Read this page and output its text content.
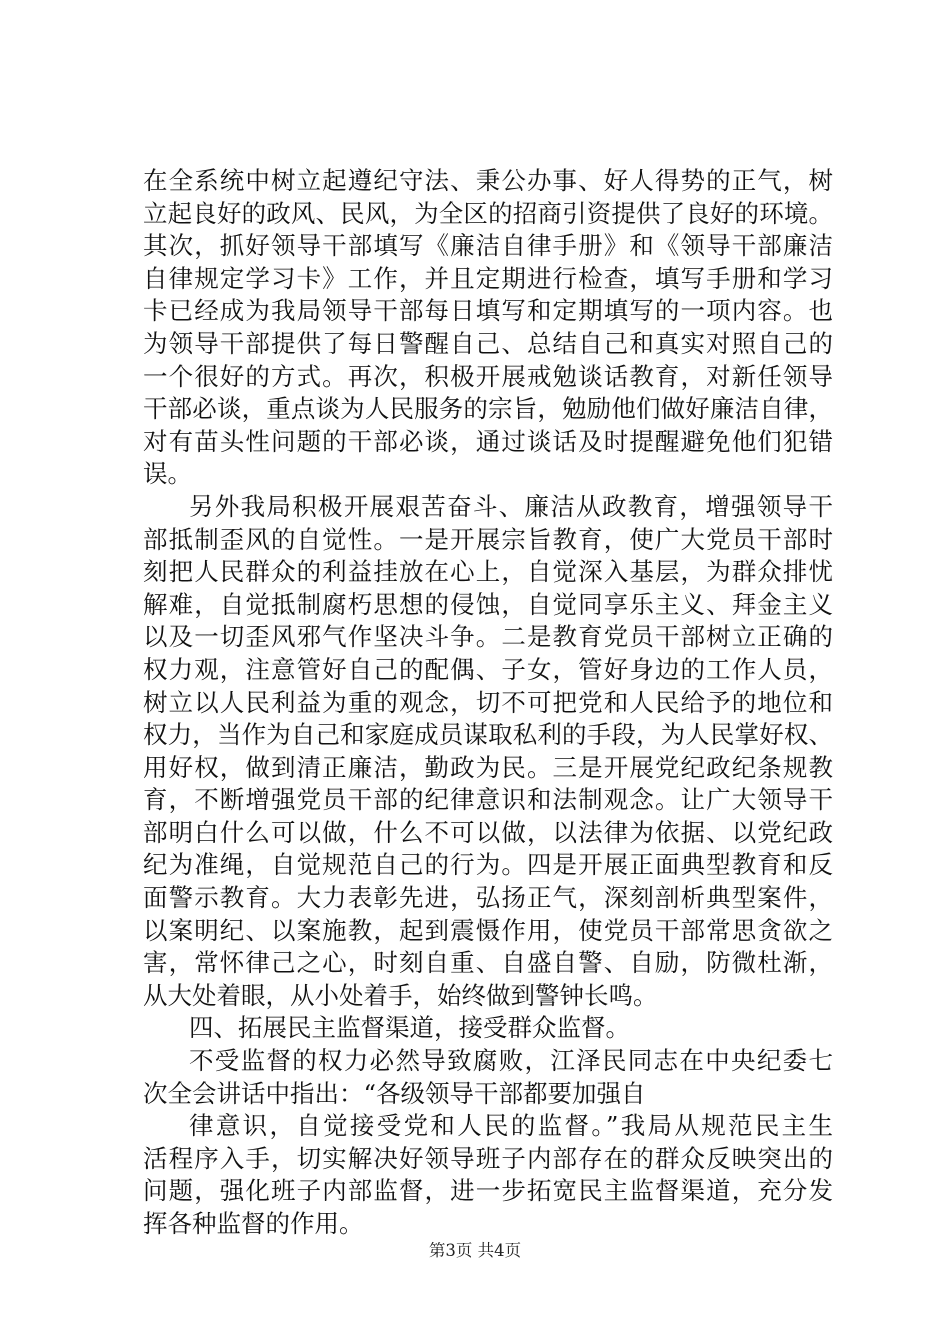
在全系统中树立起遵纪守法、秉公办事、好人得势的正气，树
立起良好的政风、民风，为全区的招商引资提供了良好的环境。
其次，抓好领导干部填写《廉洁自律手册》和《领导干部廉洁
自律规定学习卡》工作，并且定期进行检查，填写手册和学习
卡已经成为我局领导干部每日填写和定期填写的一项内容。也
为领导干部提供了每日警醒自己、总结自己和真实对照自己的
一个很好的方式。再次，积极开展戒勉谈话教育，对新任领导
干部必谈，重点谈为人民服务的宗旨，勉励他们做好廉洁自律，
对有苗头性问题的干部必谈，通过谈话及时提醒避免他们犯错
误。
另外我局积极开展艰苦奋斗、廉洁从政教育，增强领导干
部抵制歪风的自觉性。一是开展宗旨教育，使广大党员干部时
刻把人民群众的利益挂放在心上，自觉深入基层，为群众排忧
解难，自觉抵制腐朽思想的侵蚀，自觉同享乐主义、拜金主义
以及一切歪风邪气作坚决斗争。二是教育党员干部树立正确的
权力观，注意管好自己的配偶、子女，管好身边的工作人员，
树立以人民利益为重的观念，切不可把党和人民给予的地位和
权力，当作为自己和家庭成员谋取私利的手段，为人民掌好权、
用好权，做到清正廉洁，勤政为民。三是开展党纪政纪条规教
育，不断增强党员干部的纪律意识和法制观念。让广大领导干
部明白什么可以做，什么不可以做，以法律为依据、以党纪政
纪为准绳，自觉规范自己的行为。四是开展正面典型教育和反
面警示教育。大力表彰先进，弘扬正气，深刻剖析典型案件，
以案明纪、以案施教，起到震慑作用，使党员干部常思贪欲之
害，常怀律己之心，时刻自重、自盛自警、自励，防微杜渐，
从大处着眼，从小处着手，始终做到警钟长鸣。
四、拓展民主监督渠道，接受群众监督。
不受监督的权力必然导致腐败，江泽民同志在中央纪委七
次全会讲话中指出：“各级领导干部都要加强自
律意识，自觉接受党和人民的监督。”我局从规范民主生
活程序入手，切实解决好领导班子内部存在的群众反映突出的
问题，强化班子内部监督，进一步拓宽民主监督渠道，充分发
挥各种监督的作用。
第3页 共4页
